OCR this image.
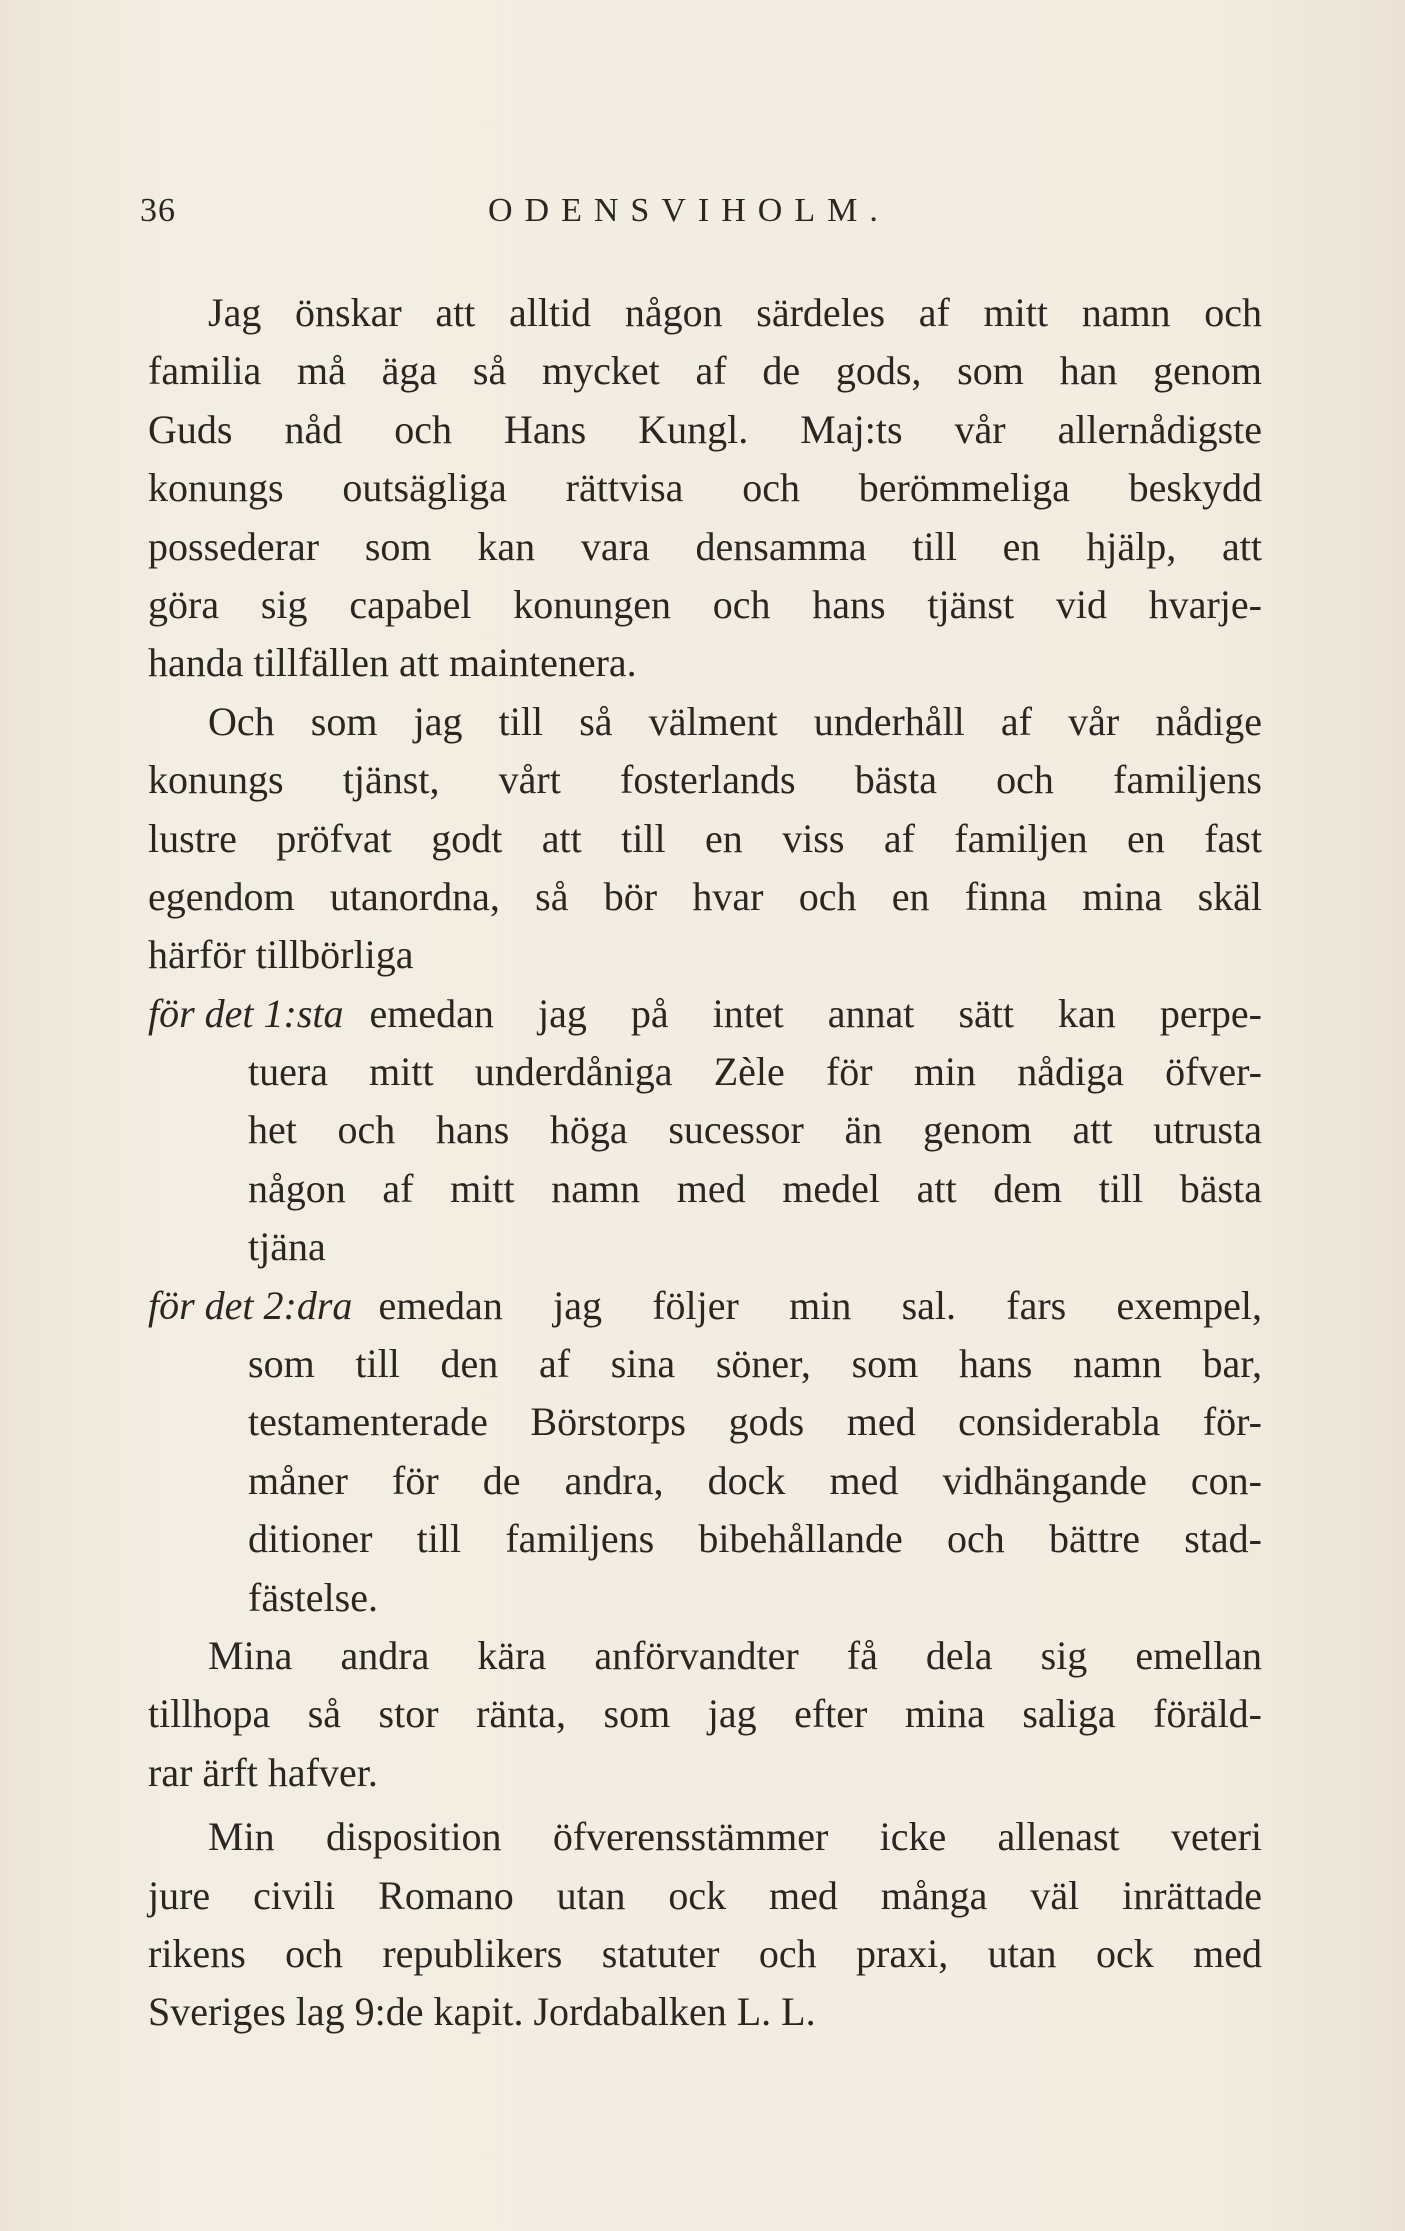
36	ODENSVIHOLM.
Jag önskar att alltid någon särdeles af mitt namn och
familia må äga så mycket af de gods, som han genom
Guds nåd och Hans Kungl. Maj:ts vår allernådigste
konungs outsägliga rättvisa och berömmeliga beskydd
possederar som kan vara densamma till en hjälp, att
göra sig capabel konungen och hans tjänst vid hvarje-
handa tillfällen att maintenera.
Och som jag till så välment underhåll af vår nådige
konungs tjänst, vårt fosterlands bästa och familjens
lustre pröfvat godt att till en viss af familjen en fast
egendom utanordna, så bör hvar och en finna mina skäl
härför tillbörliga
för det 1:sta emedan jag på intet annat sätt kan perpe-
tuera mitt underdåniga Zèle för min nådiga öfver-
het och hans höga sucessor än genom att utrusta
någon af mitt namn med medel att dem till bästa
tjäna
för det 2:dra emedan jag följer min sal. fars exempel,
som till den af sina söner, som hans namn bar,
testamenterade Börstorps gods med considerabla för-
måner för de andra, dock med vidhängande con-
ditioner till familjens bibehållande och bättre stad-
fästelse.
Mina andra kära anförvandter få dela sig emellan
tillhopa så stor ränta, som jag efter mina saliga föräld-
rar ärft hafver.
Min disposition öfverensstämmer icke allenast veteri
jure civili Romano utan ock med många väl inrättade
rikens och republikers statuter och praxi, utan ock med
Sveriges lag 9:de kapit. Jordabalken L. L.
